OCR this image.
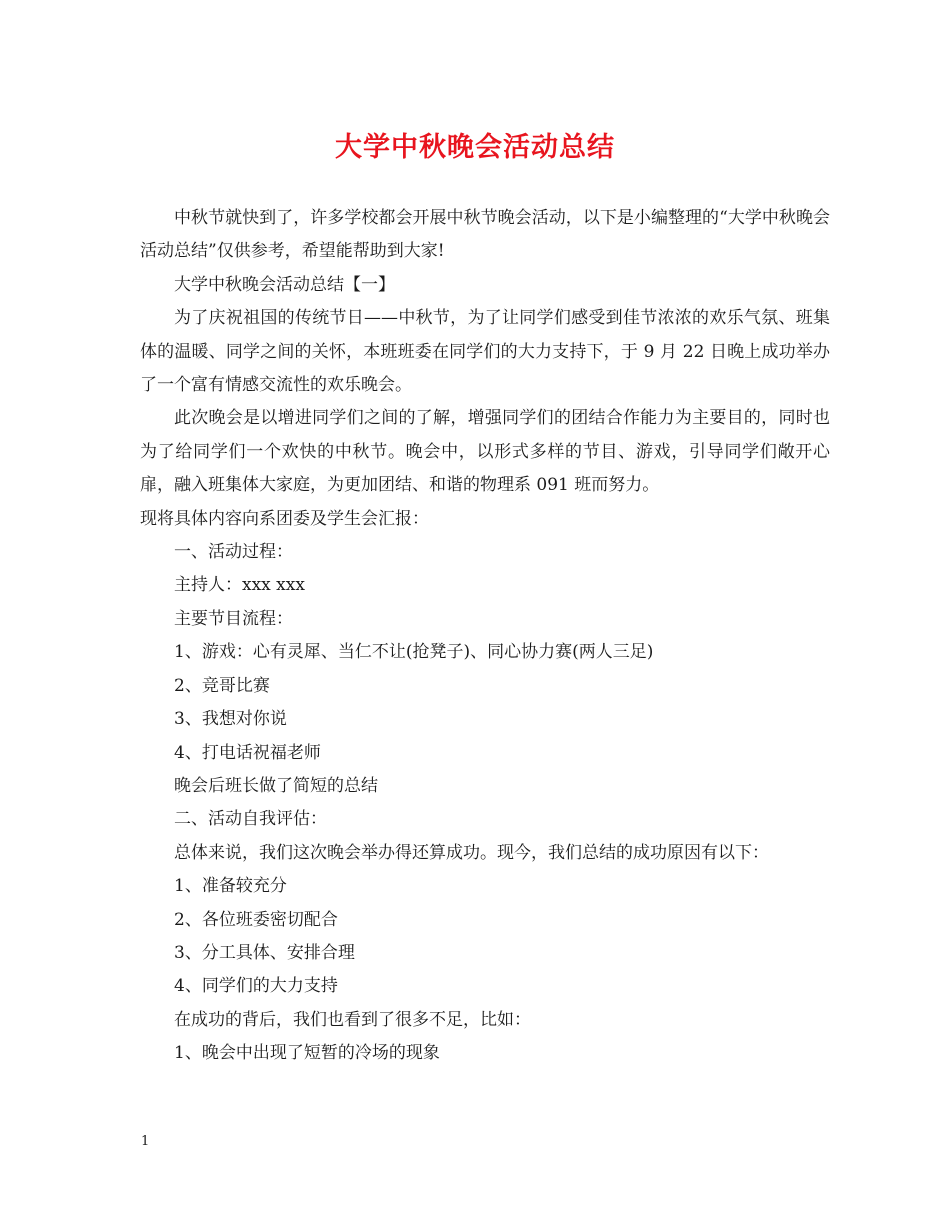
大学中秋晚会活动总结

中秋节就快到了，许多学校都会开展中秋节晚会活动，以下是小编整理的“大学中秋晚会活动总结”仅供参考，希望能帮助到大家!

大学中秋晚会活动总结【一】

为了庆祝祖国的传统节日——中秋节，为了让同学们感受到佳节浓浓的欢乐气氛、班集体的温暖、同学之间的关怀，本班班委在同学们的大力支持下，于 9 月 22 日晚上成功举办了一个富有情感交流性的欢乐晚会。

此次晚会是以增进同学们之间的了解，增强同学们的团结合作能力为主要目的，同时也为了给同学们一个欢快的中秋节。晚会中，以形式多样的节目、游戏，引导同学们敞开心扉，融入班集体大家庭，为更加团结、和谐的物理系 091 班而努力。

现将具体内容向系团委及学生会汇报：

一、活动过程：

主持人：xxx xxx

主要节目流程：

1、游戏：心有灵犀、当仁不让(抢凳子)、同心协力赛(两人三足)

2、竞哥比赛

3、我想对你说

4、打电话祝福老师

晚会后班长做了简短的总结

二、活动自我评估：

总体来说，我们这次晚会举办得还算成功。现今，我们总结的成功原因有以下：

1、准备较充分

2、各位班委密切配合

3、分工具体、安排合理

4、同学们的大力支持

在成功的背后，我们也看到了很多不足，比如：

1、晚会中出现了短暂的冷场的现象

1
